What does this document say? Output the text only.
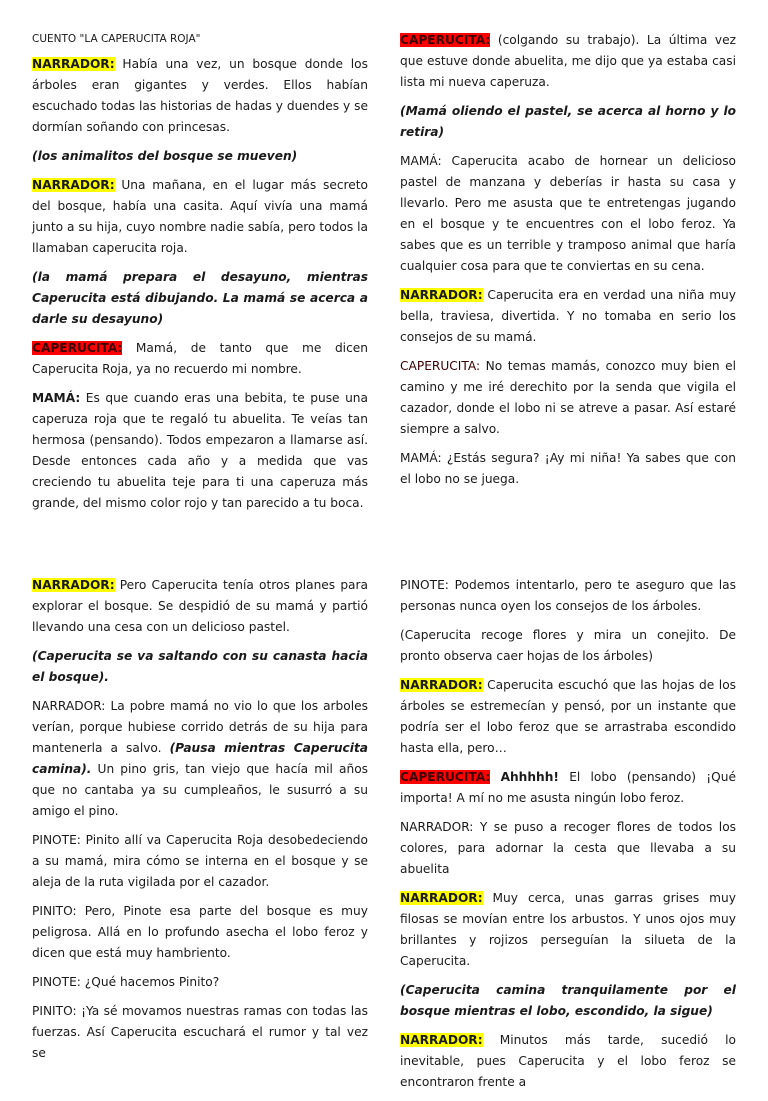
CUENTO "LA CAPERUCITA ROJA"

NARRADOR: Había una vez, un bosque donde los árboles eran gigantes y verdes. Ellos habían escuchado todas las historias de hadas y duendes y se dormían soñando con princesas.

(los animalitos del bosque se mueven)

NARRADOR: Una mañana, en el lugar más secreto del bosque, había una casita. Aquí vivía una mamá junto a su hija, cuyo nombre nadie sabía, pero todos la llamaban caperucita roja.

(la mamá prepara el desayuno, mientras Caperucita está dibujando. La mamá se acerca a darle su desayuno)

CAPERUCITA: Mamá, de tanto que me dicen Caperucita Roja, ya no recuerdo mi nombre.

MAMÁ: Es que cuando eras una bebita, te puse una caperuza roja que te regaló tu abuelita. Te veías tan hermosa (pensando). Todos empezaron a llamarse así. Desde entonces cada año y a medida que vas creciendo tu abuelita teje para ti una caperuza más grande, del mismo color rojo y tan parecido a tu boca.

CAPERUCITA: (colgando su trabajo). La última vez que estuve donde abuelita, me dijo que ya estaba casi lista mi nueva caperuza.

(Mamá oliendo el pastel, se acerca al horno y lo retira)

MAMÁ: Caperucita acabo de hornear un delicioso pastel de manzana y deberías ir hasta su casa y llevarlo. Pero me asusta que te entretengas jugando en el bosque y te encuentres con el lobo feroz. Ya sabes que es un terrible y tramposo animal que haría cualquier cosa para que te conviertas en su cena.

NARRADOR: Caperucita era en verdad una niña muy bella, traviesa, divertida. Y no tomaba en serio los consejos de su mamá.

CAPERUCITA: No temas mamás, conozco muy bien el camino y me iré derechito por la senda que vigila el cazador, donde el lobo ni se atreve a pasar. Así estaré siempre a salvo.

MAMÁ: ¿Estás segura? ¡Ay mi niña! Ya sabes que con el lobo no se juega.

NARRADOR: Pero Caperucita tenía otros planes para explorar el bosque. Se despidió de su mamá y partió llevando una cesa con un delicioso pastel.

(Caperucita se va saltando con su canasta hacia el bosque).

NARRADOR: La pobre mamá no vio lo que los arboles verían, porque hubiese corrido detrás de su hija para mantenerla a salvo. (Pausa mientras Caperucita camina). Un pino gris, tan viejo que hacía mil años que no cantaba ya su cumpleaños, le susurró a su amigo el pino.

PINOTE: Pinito allí va Caperucita Roja desobedeciendo a su mamá, mira cómo se interna en el bosque y se aleja de la ruta vigilada por el cazador.

PINITO: Pero, Pinote esa parte del bosque es muy peligrosa. Allá en lo profundo asecha el lobo feroz y dicen que está muy hambriento.

PINOTE: ¿Qué hacemos Pinito?

PINITO: ¡Ya sé movamos nuestras ramas con todas las fuerzas. Así Caperucita escuchará el rumor y tal vez se

PINOTE: Podemos intentarlo, pero te aseguro que las personas nunca oyen los consejos de los árboles.

(Caperucita recoge flores y mira un conejito. De pronto observa caer hojas de los árboles)

NARRADOR: Caperucita escuchó que las hojas de los árboles se estremecían y pensó, por un instante que podría ser el lobo feroz que se arrastraba escondido hasta ella, pero…

CAPERUCITA: Ahhhhh! El lobo (pensando) ¡Qué importa! A mí no me asusta ningún lobo feroz.

NARRADOR: Y se puso a recoger flores de todos los colores, para adornar la cesta que llevaba a su abuelita

NARRADOR: Muy cerca, unas garras grises muy filosas se movían entre los arbustos. Y unos ojos muy brillantes y rojizos perseguían la silueta de la Caperucita.

(Caperucita camina tranquilamente por el bosque mientras el lobo, escondido, la sigue)

NARRADOR: Minutos más tarde, sucedió lo inevitable, pues Caperucita y el lobo feroz se encontraron frente a
